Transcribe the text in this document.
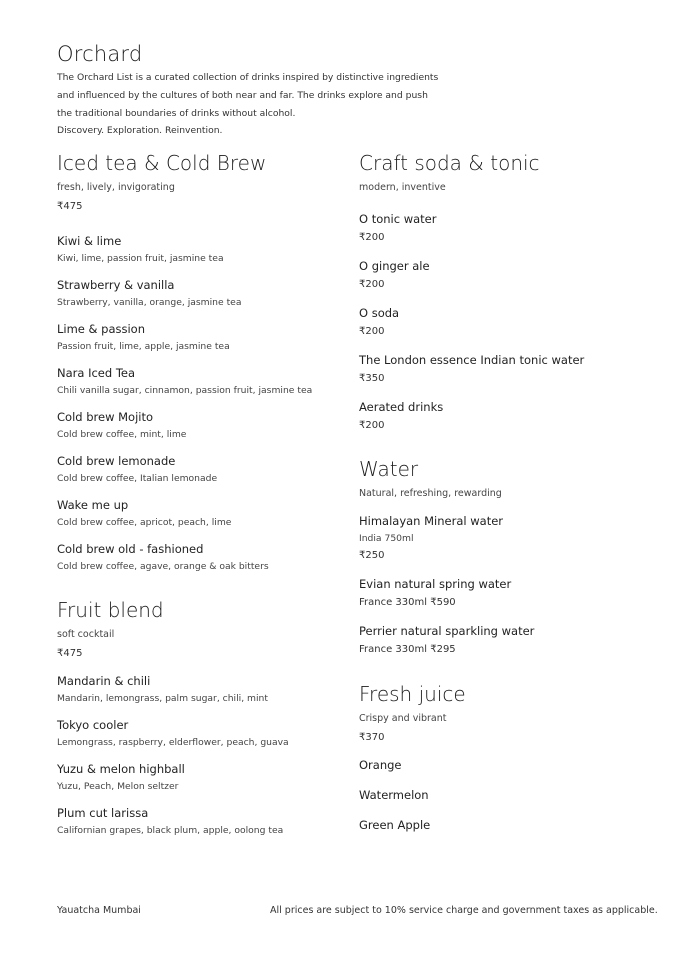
Orchard
The Orchard List is a curated collection of drinks inspired by distinctive ingredients
and influenced by the cultures of both near and far. The drinks explore and push
the traditional boundaries of drinks without alcohol.
Discovery. Exploration. Reinvention.
Iced tea & Cold Brew
fresh, lively, invigorating
₹475
Kiwi & lime
Kiwi, lime, passion fruit, jasmine tea
Strawberry & vanilla
Strawberry, vanilla, orange, jasmine tea
Lime & passion
Passion fruit, lime, apple, jasmine tea
Nara Iced Tea
Chili vanilla sugar, cinnamon, passion fruit, jasmine tea
Cold brew Mojito
Cold brew coffee, mint, lime
Cold brew lemonade
Cold brew coffee, Italian lemonade
Wake me up
Cold brew coffee, apricot, peach, lime
Cold brew old - fashioned
Cold brew coffee, agave, orange & oak bitters
Fruit blend
soft cocktail
₹475
Mandarin & chili
Mandarin, lemongrass, palm sugar, chili, mint
Tokyo cooler
Lemongrass, raspberry, elderflower, peach, guava
Yuzu & melon highball
Yuzu, Peach, Melon seltzer
Plum cut larissa
Californian grapes, black plum, apple, oolong tea
Craft soda & tonic
modern, inventive
O tonic water
₹200
O ginger ale
₹200
O soda
₹200
The London essence Indian tonic water
₹350
Aerated drinks
₹200
Water
Natural, refreshing, rewarding
Himalayan Mineral water
India 750ml
₹250
Evian natural spring water
France 330ml ₹590
Perrier natural sparkling water
France 330ml ₹295
Fresh juice
Crispy and vibrant
₹370
Orange
Watermelon
Green Apple
Yauatcha Mumbai	All prices are subject to 10% service charge and government taxes as applicable.
